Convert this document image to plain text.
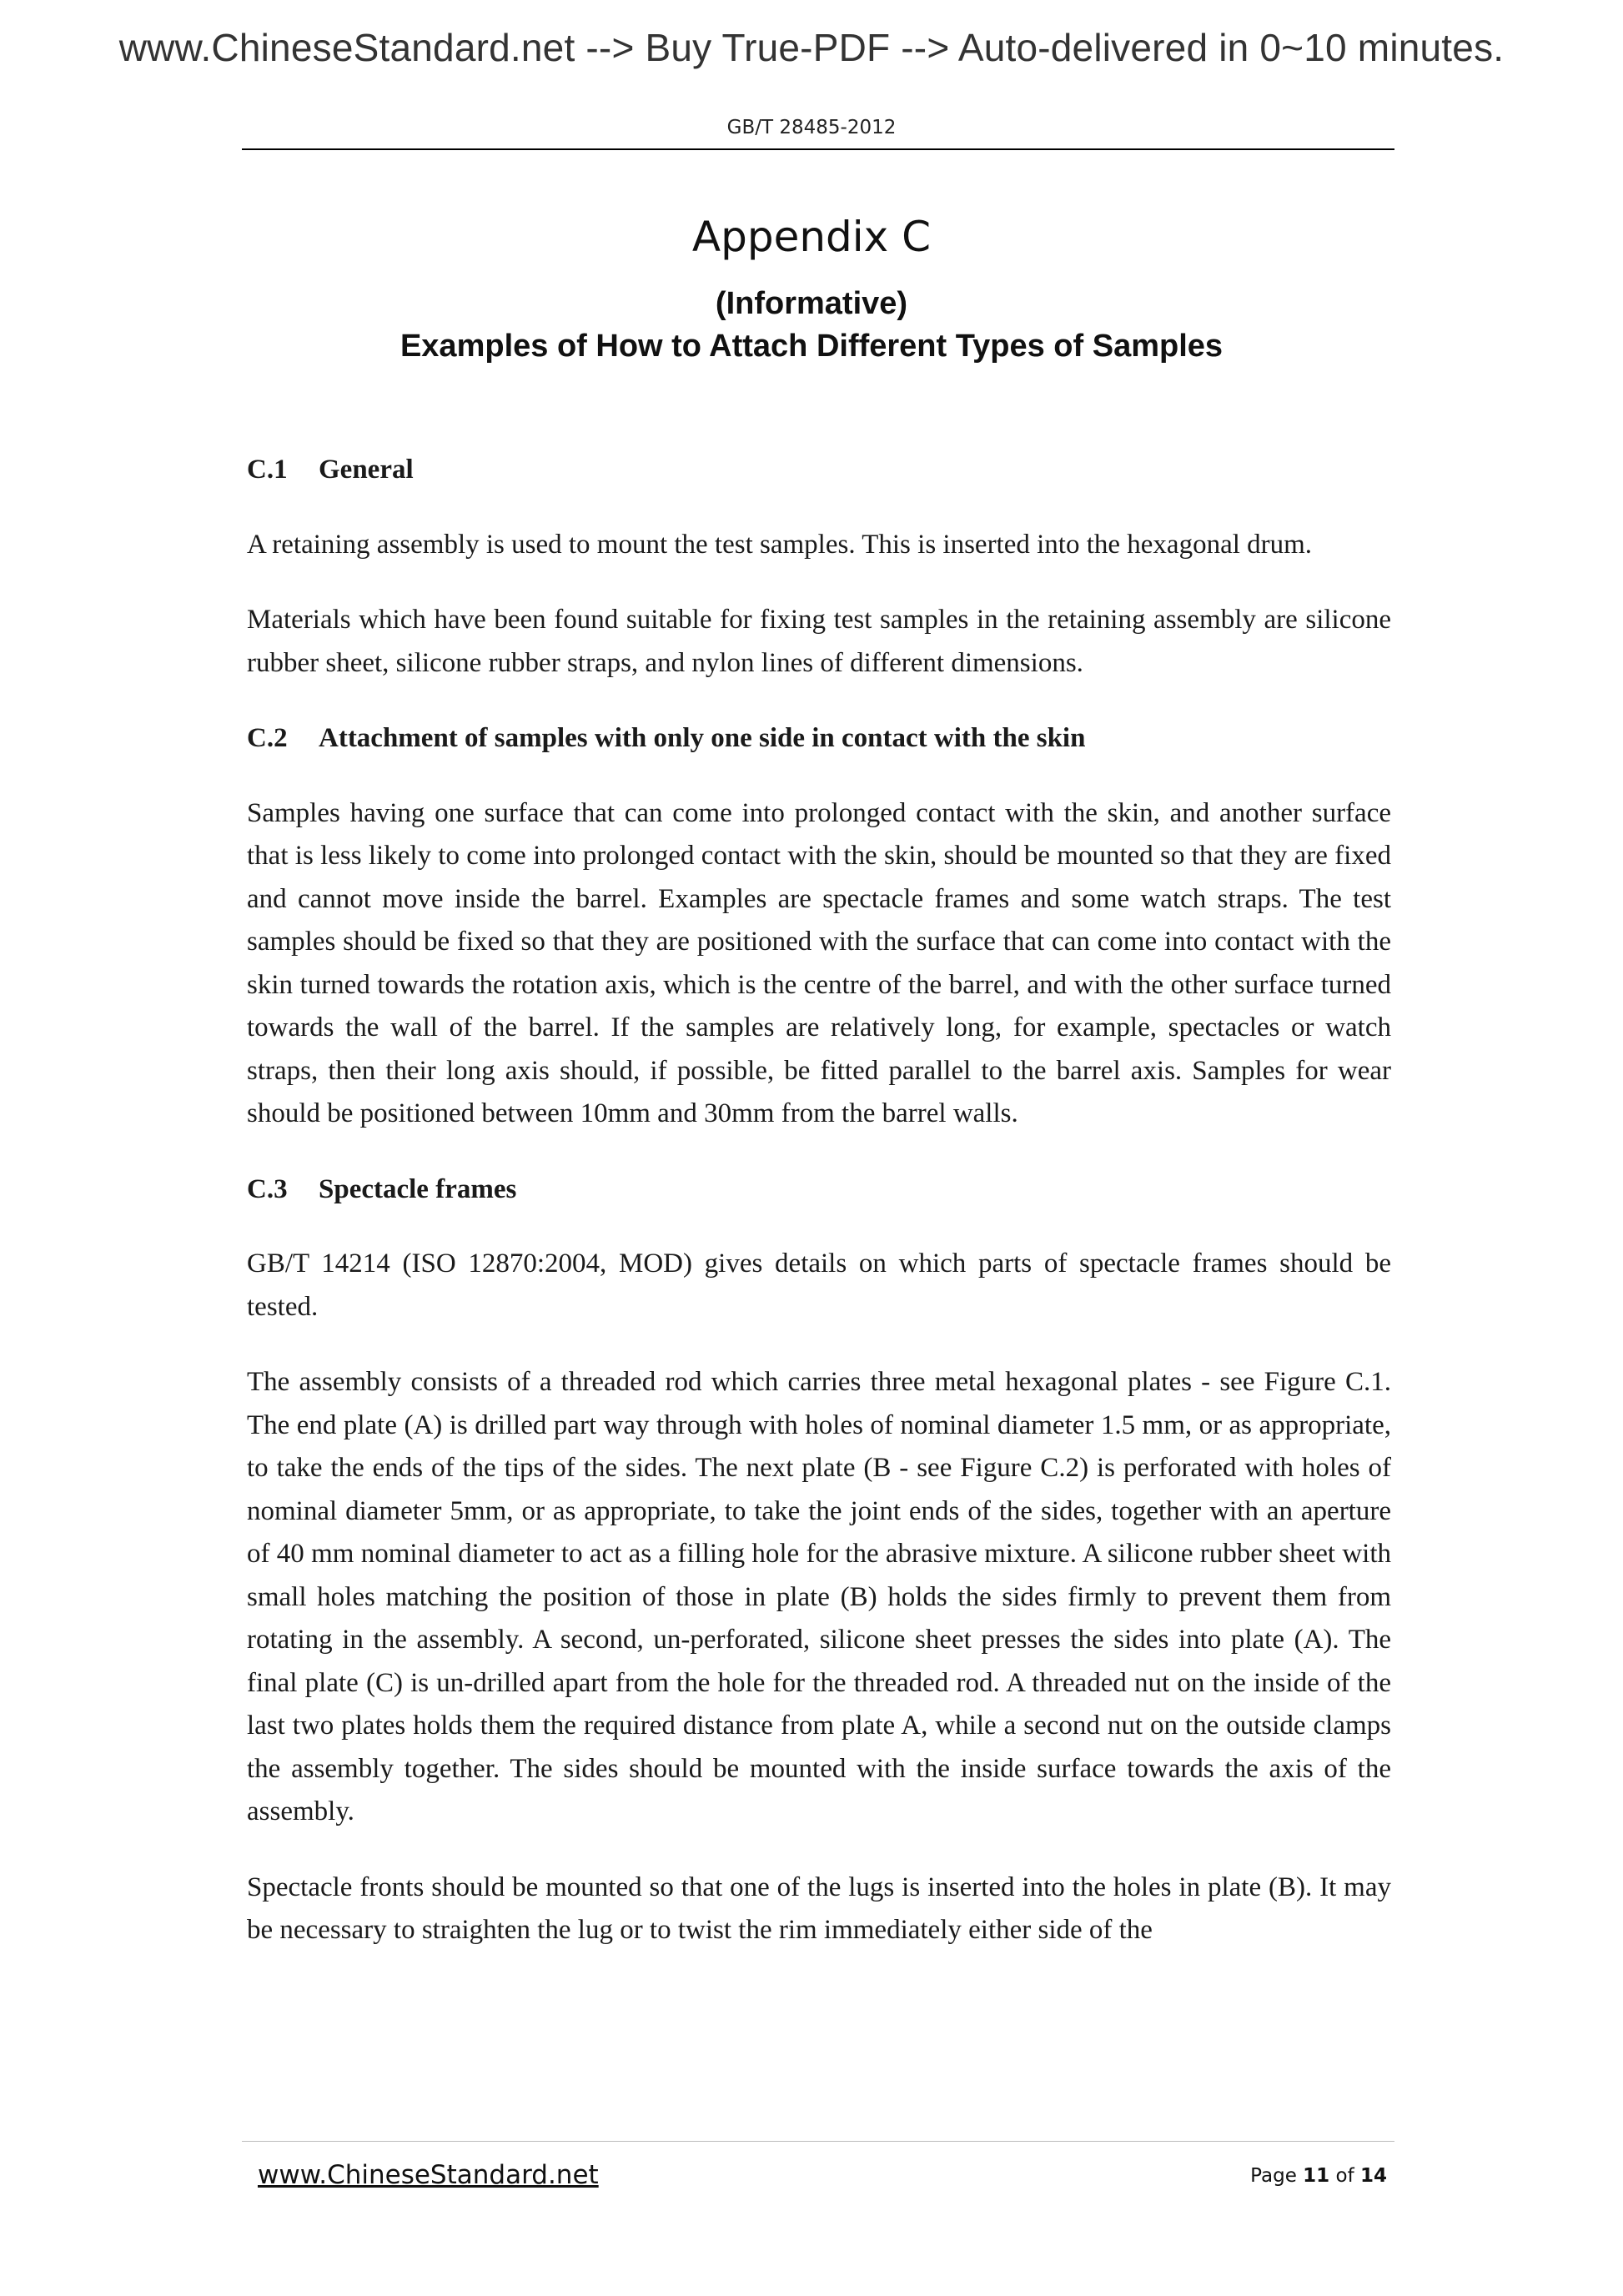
www.ChineseStandard.net --> Buy True-PDF --> Auto-delivered in 0~10 minutes.
GB/T 28485-2012
Appendix C
(Informative)
Examples of How to Attach Different Types of Samples
C.1 General

A retaining assembly is used to mount the test samples. This is inserted into the hexagonal drum.

Materials which have been found suitable for fixing test samples in the retaining assembly are silicone rubber sheet, silicone rubber straps, and nylon lines of different dimensions.

C.2 Attachment of samples with only one side in contact with the skin

Samples having one surface that can come into prolonged contact with the skin, and another surface that is less likely to come into prolonged contact with the skin, should be mounted so that they are fixed and cannot move inside the barrel. Examples are spectacle frames and some watch straps. The test samples should be fixed so that they are positioned with the surface that can come into contact with the skin turned towards the rotation axis, which is the centre of the barrel, and with the other surface turned towards the wall of the barrel. If the samples are relatively long, for example, spectacles or watch straps, then their long axis should, if possible, be fitted parallel to the barrel axis. Samples for wear should be positioned between 10mm and 30mm from the barrel walls.

C.3 Spectacle frames

GB/T 14214 (ISO 12870:2004, MOD) gives details on which parts of spectacle frames should be tested.

The assembly consists of a threaded rod which carries three metal hexagonal plates - see Figure C.1. The end plate (A) is drilled part way through with holes of nominal diameter 1.5 mm, or as appropriate, to take the ends of the tips of the sides. The next plate (B - see Figure C.2) is perforated with holes of nominal diameter 5mm, or as appropriate, to take the joint ends of the sides, together with an aperture of 40 mm nominal diameter to act as a filling hole for the abrasive mixture. A silicone rubber sheet with small holes matching the position of those in plate (B) holds the sides firmly to prevent them from rotating in the assembly. A second, un-perforated, silicone sheet presses the sides into plate (A). The final plate (C) is un-drilled apart from the hole for the threaded rod. A threaded nut on the inside of the last two plates holds them the required distance from plate A, while a second nut on the outside clamps the assembly together. The sides should be mounted with the inside surface towards the axis of the assembly.

Spectacle fronts should be mounted so that one of the lugs is inserted into the holes in plate (B). It may be necessary to straighten the lug or to twist the rim immediately either side of the

www.ChineseStandard.net	Page 11 of 14
